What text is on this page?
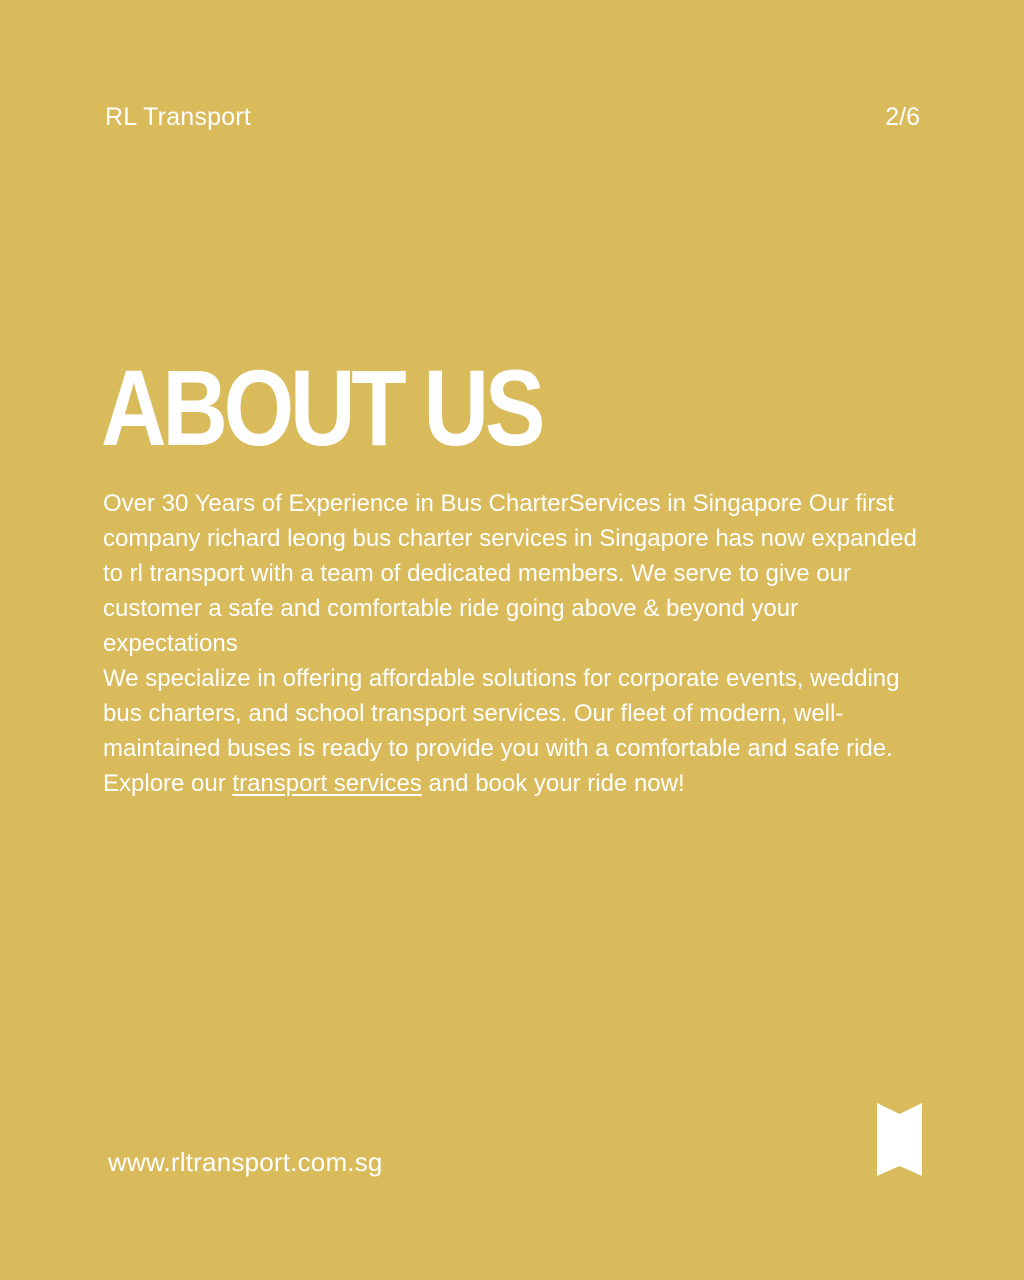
RL Transport	2/6
ABOUT US

Over 30 Years of Experience in Bus CharterServices in Singapore Our first company richard leong bus charter services in Singapore has now expanded to rl transport with a team of dedicated members. We serve to give our customer a safe and comfortable ride going above & beyond your expectations

We specialize in offering affordable solutions for corporate events, wedding bus charters, and school transport services. Our fleet of modern, well-maintained buses is ready to provide you with a comfortable and safe ride. Explore our transport services and book your ride now!

www.rltransport.com.sg
